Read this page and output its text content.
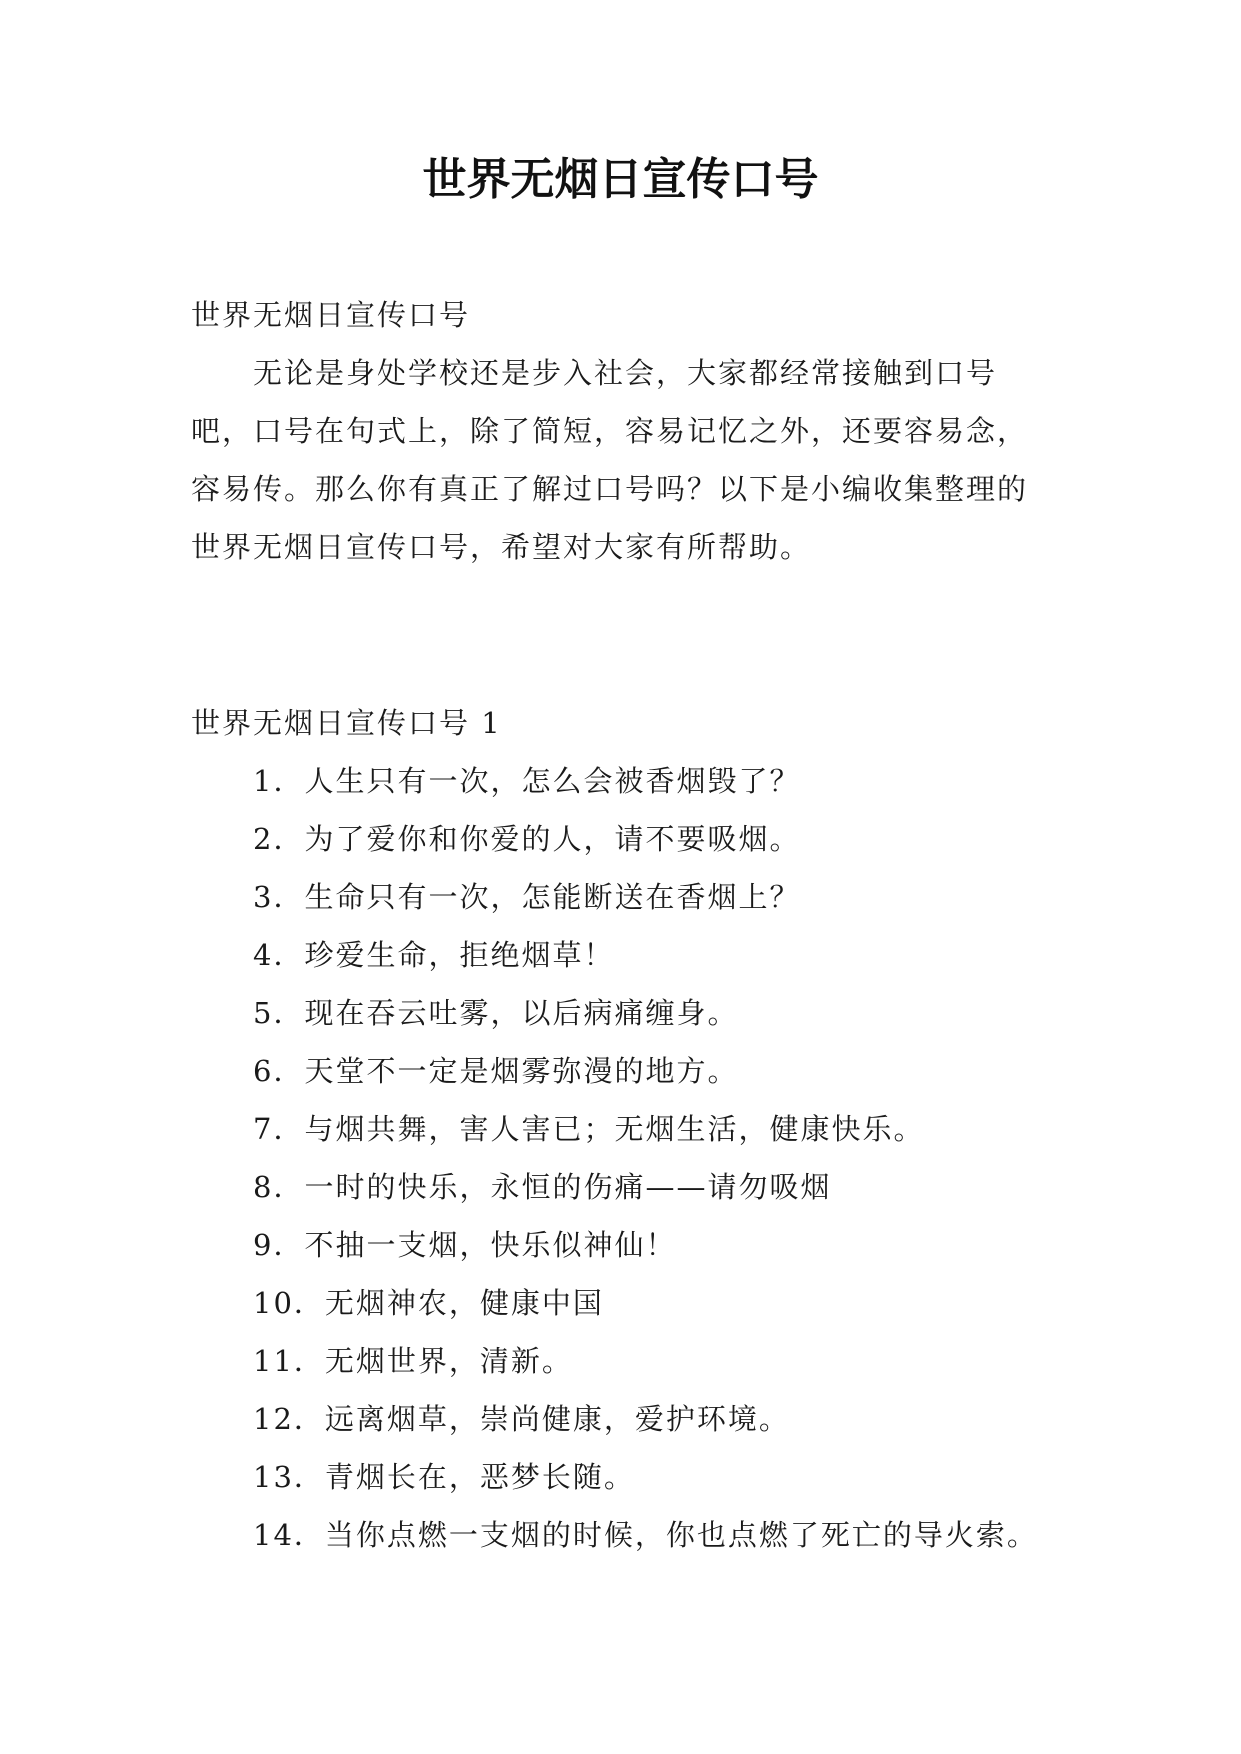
世界无烟日宣传口号

世界无烟日宣传口号

无论是身处学校还是步入社会，大家都经常接触到口号吧，口号在句式上，除了简短，容易记忆之外，还要容易念，容易传。那么你有真正了解过口号吗？以下是小编收集整理的世界无烟日宣传口号，希望对大家有所帮助。

世界无烟日宣传口号 1

1．人生只有一次，怎么会被香烟毁了？
2．为了爱你和你爱的人，请不要吸烟。
3．生命只有一次，怎能断送在香烟上？
4．珍爱生命，拒绝烟草！
5．现在吞云吐雾，以后病痛缠身。
6．天堂不一定是烟雾弥漫的地方。
7．与烟共舞，害人害已；无烟生活，健康快乐。
8．一时的快乐，永恒的伤痛——请勿吸烟
9．不抽一支烟，快乐似神仙！
10．无烟神农，健康中国
11．无烟世界，清新。
12．远离烟草，崇尚健康，爱护环境。
13．青烟长在，恶梦长随。
14．当你点燃一支烟的时候，你也点燃了死亡的导火索。
